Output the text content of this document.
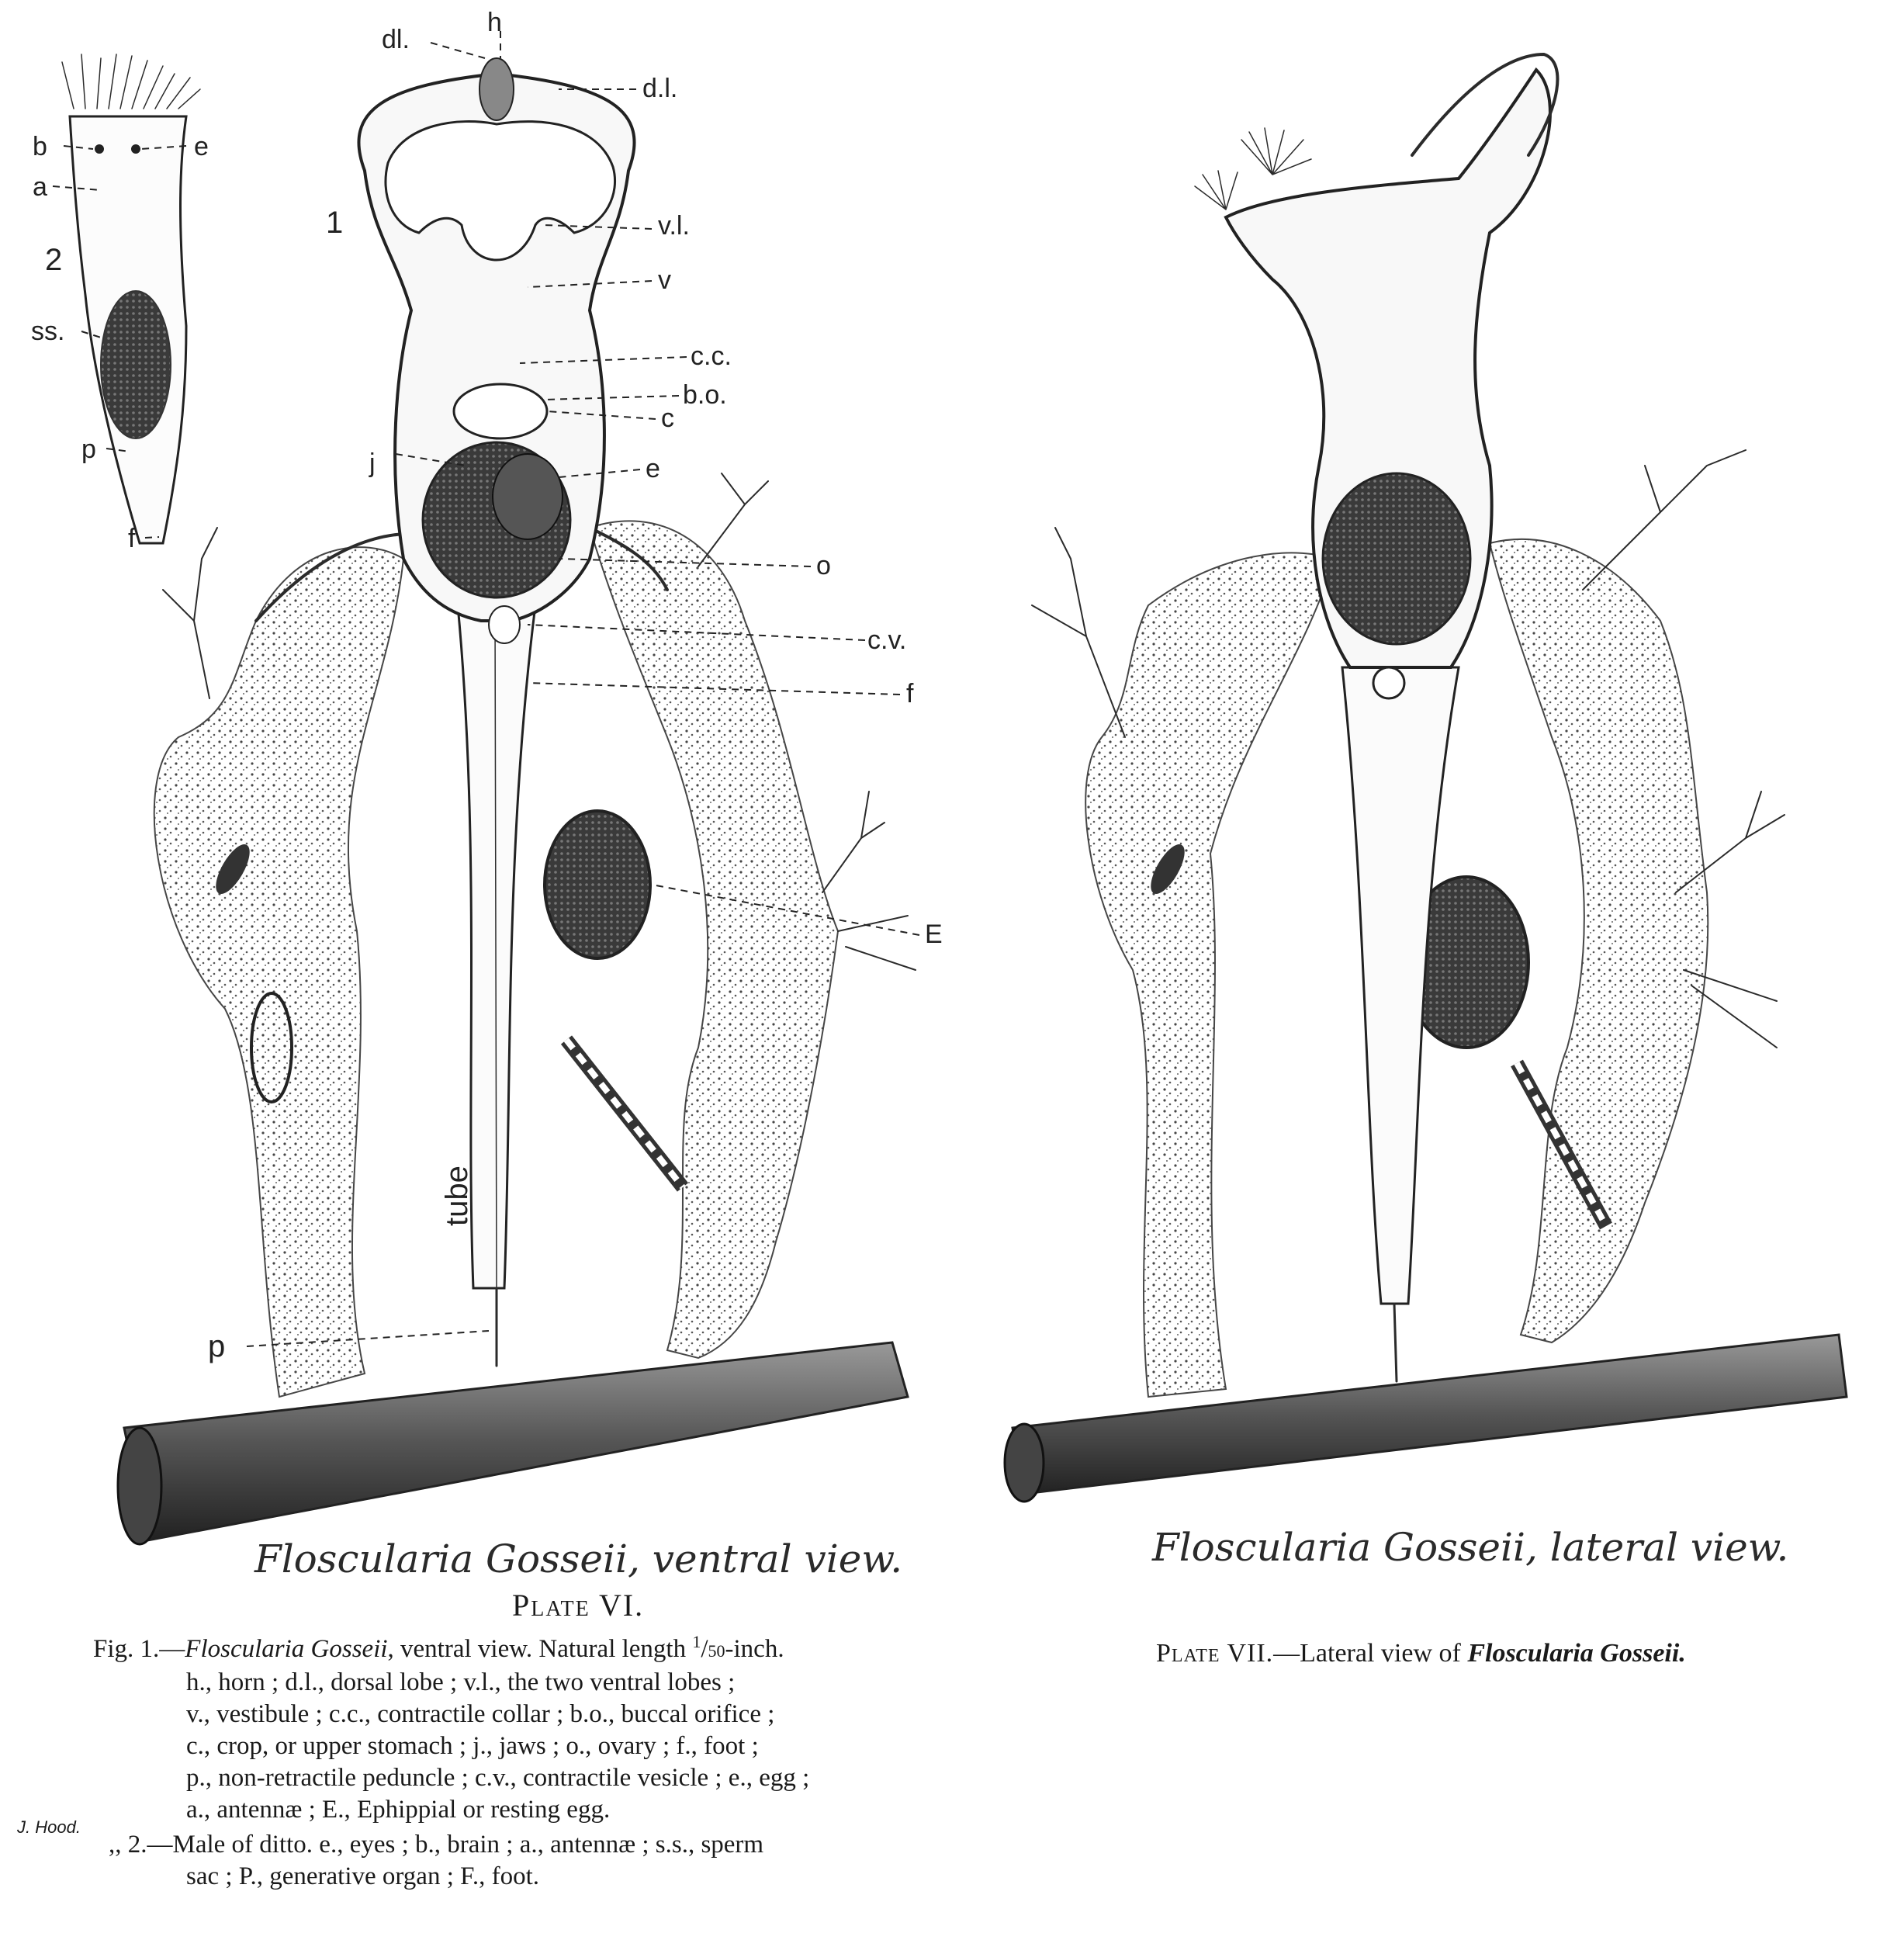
h
dl.
d.l.
v.l.
v
c.c.
b.o.
c
j	e
o
c.v.
f
E
p
tube
1
2
b	e
a
ss.
p
f
Floscularia Gosseii, ventral view.
Plate VI.

Fig. 1.—Floscularia Gosseii, ventral view. Natural length $^1$/50-inch.

h., horn ; d.l., dorsal lobe ; v.l., the two ventral lobes ;
v., vestibule ; c.c., contractile collar ; b.o., buccal orifice ;
c., crop, or upper stomach ; j., jaws ; o., ovary ; f., foot ;
p., non-retractile peduncle ; c.v., contractile vesicle ; e., egg ;
a., antennæ ; E., Ephippial or resting egg.

,, 2.—Male of ditto. e., eyes ; b., brain ; a., antennæ ; s.s., sperm

sac ; P., generative organ ; F., foot.
J. Hood.
Floscularia Gosseii, lateral view.
Plate VII.—Lateral view of Floscularia Gosseii.
